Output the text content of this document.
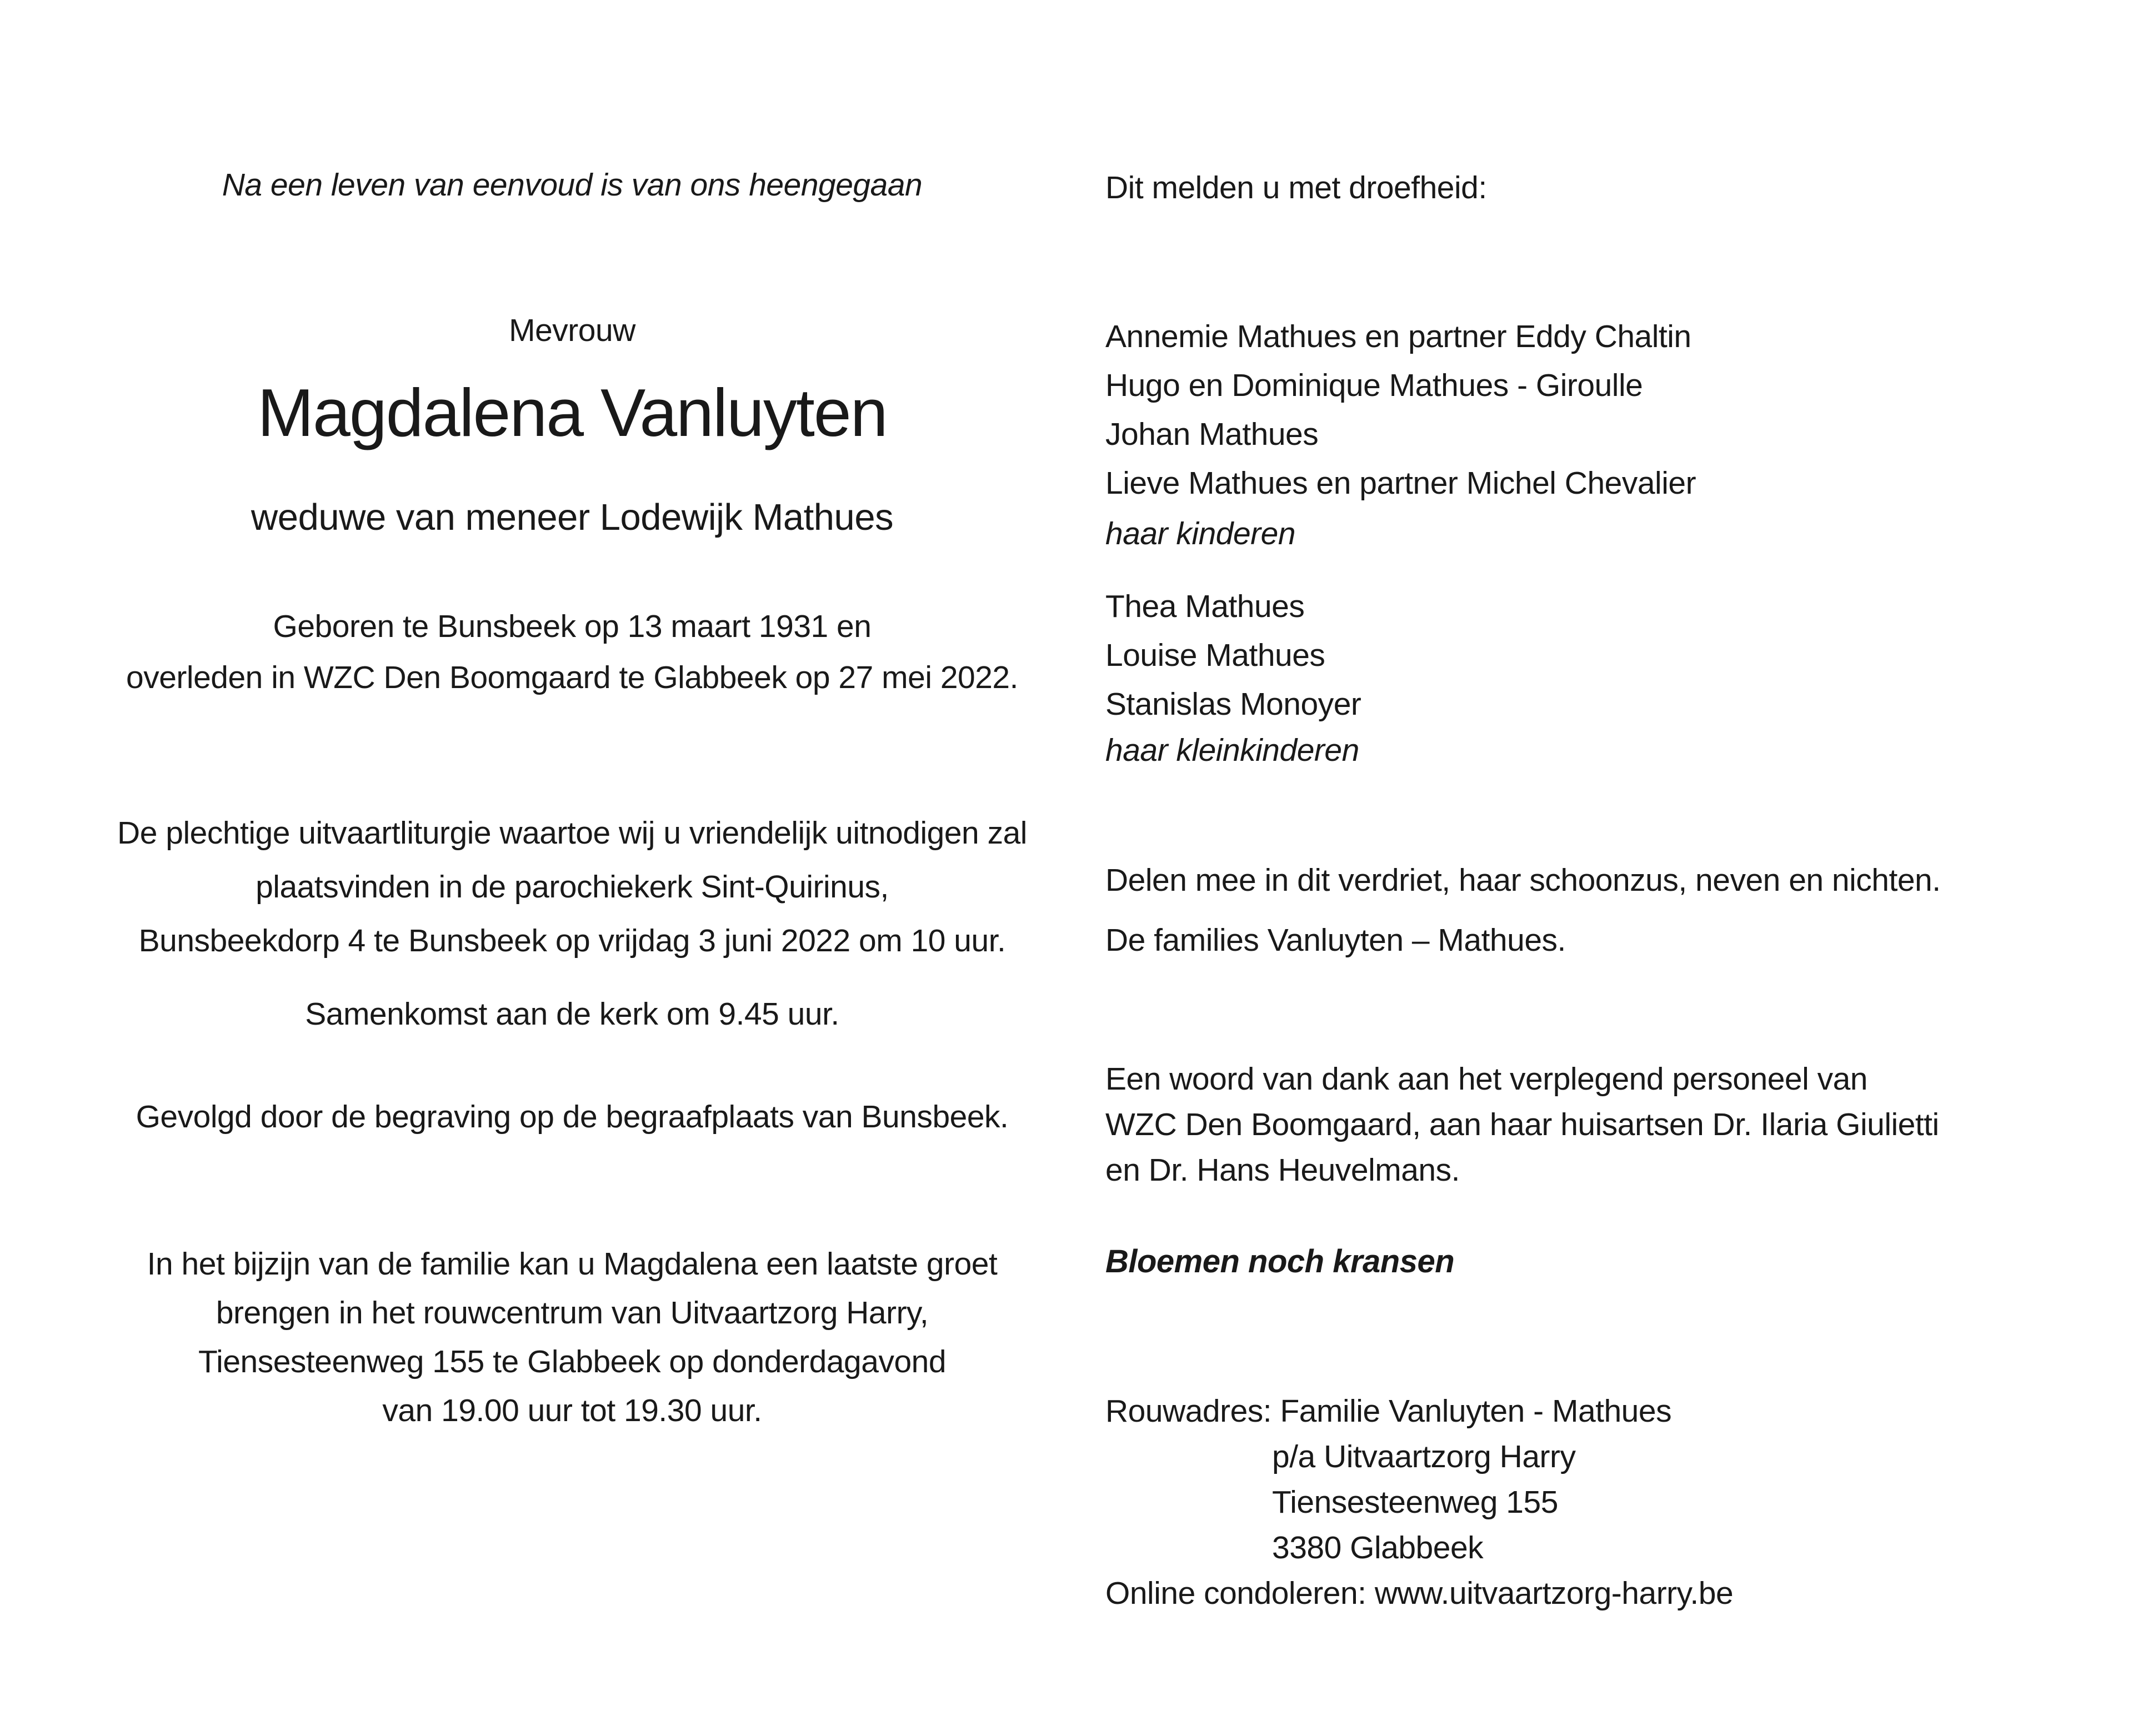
Na een leven van eenvoud is van ons heengegaan

Mevrouw

Magdalena Vanluyten

weduwe van meneer Lodewijk Mathues

Geboren te Bunsbeek op 13 maart 1931 en
overleden in WZC Den Boomgaard te Glabbeek op 27 mei 2022.
De plechtige uitvaartliturgie waartoe wij u vriendelijk uitnodigen zal
plaatsvinden in de parochiekerk Sint-Quirinus,
Bunsbeekdorp 4 te Bunsbeek op vrijdag 3 juni 2022 om 10 uur.

Samenkomst aan de kerk om 9.45 uur.

Gevolgd door de begraving op de begraafplaats van Bunsbeek.

In het bijzijn van de familie kan u Magdalena een laatste groet
brengen in het rouwcentrum van Uitvaartzorg Harry,
Tiensesteenweg 155 te Glabbeek op donderdagavond
van 19.00 uur tot 19.30 uur.

Dit melden u met droefheid:

Annemie Mathues en partner Eddy Chaltin
Hugo en Dominique Mathues - Giroulle
Johan Mathues
Lieve Mathues en partner Michel Chevalier

haar kinderen

Thea Mathues
Louise Mathues
Stanislas Monoyer

haar kleinkinderen

Delen mee in dit verdriet, haar schoonzus, neven en nichten.

De families Vanluyten – Mathues.

Een woord van dank aan het verplegend personeel van
WZC Den Boomgaard, aan haar huisartsen Dr. Ilaria Giulietti
en Dr. Hans Heuvelmans.

Bloemen noch kransen

Rouwadres: Familie Vanluyten - Mathues
p/a Uitvaartzorg Harry
Tiensesteenweg 155
3380 Glabbeek
Online condoleren: www.uitvaartzorg-harry.be
